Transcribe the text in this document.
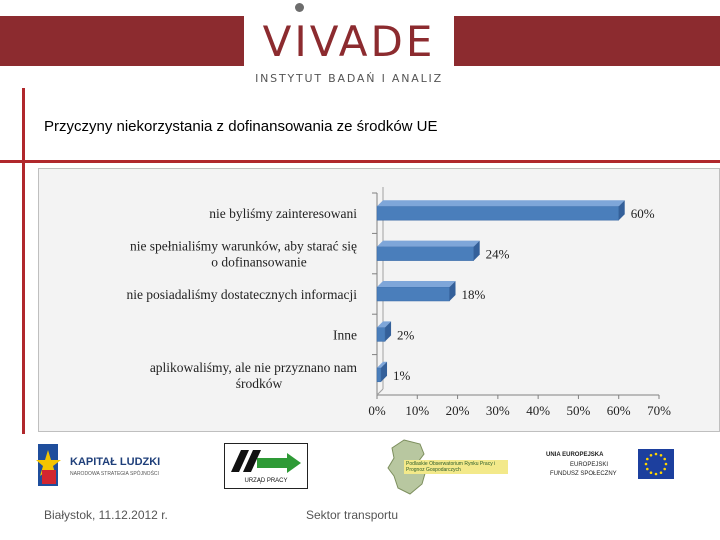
VIVADE
INSTYTUT BADAŃ I ANALIZ
Przyczyny niekorzystania z dofinansowania ze środków UE
0% 10% 20% 30% 40% 50% 60% 70%
60%
nie byliśmy zainteresowani
24%
nie spełnialiśmy warunków, aby starać się
o dofinansowanie
18%
nie posiadaliśmy dostatecznych informacji
2%
Inne
1%
aplikowaliśmy, ale nie przyznano nam
środków
KAPITAŁ LUDZKI
NARODOWA STRATEGIA SPÓJNOŚCI
URZĄD PRACY
Podlaskie Obserwatorium Rynku Pracy i Prognoz Gospodarczych
UNIA EUROPEJSKA
EUROPEJSKI
FUNDUSZ SPOŁECZNY
Białystok, 11.12.2012 r.	Sektor transportu
